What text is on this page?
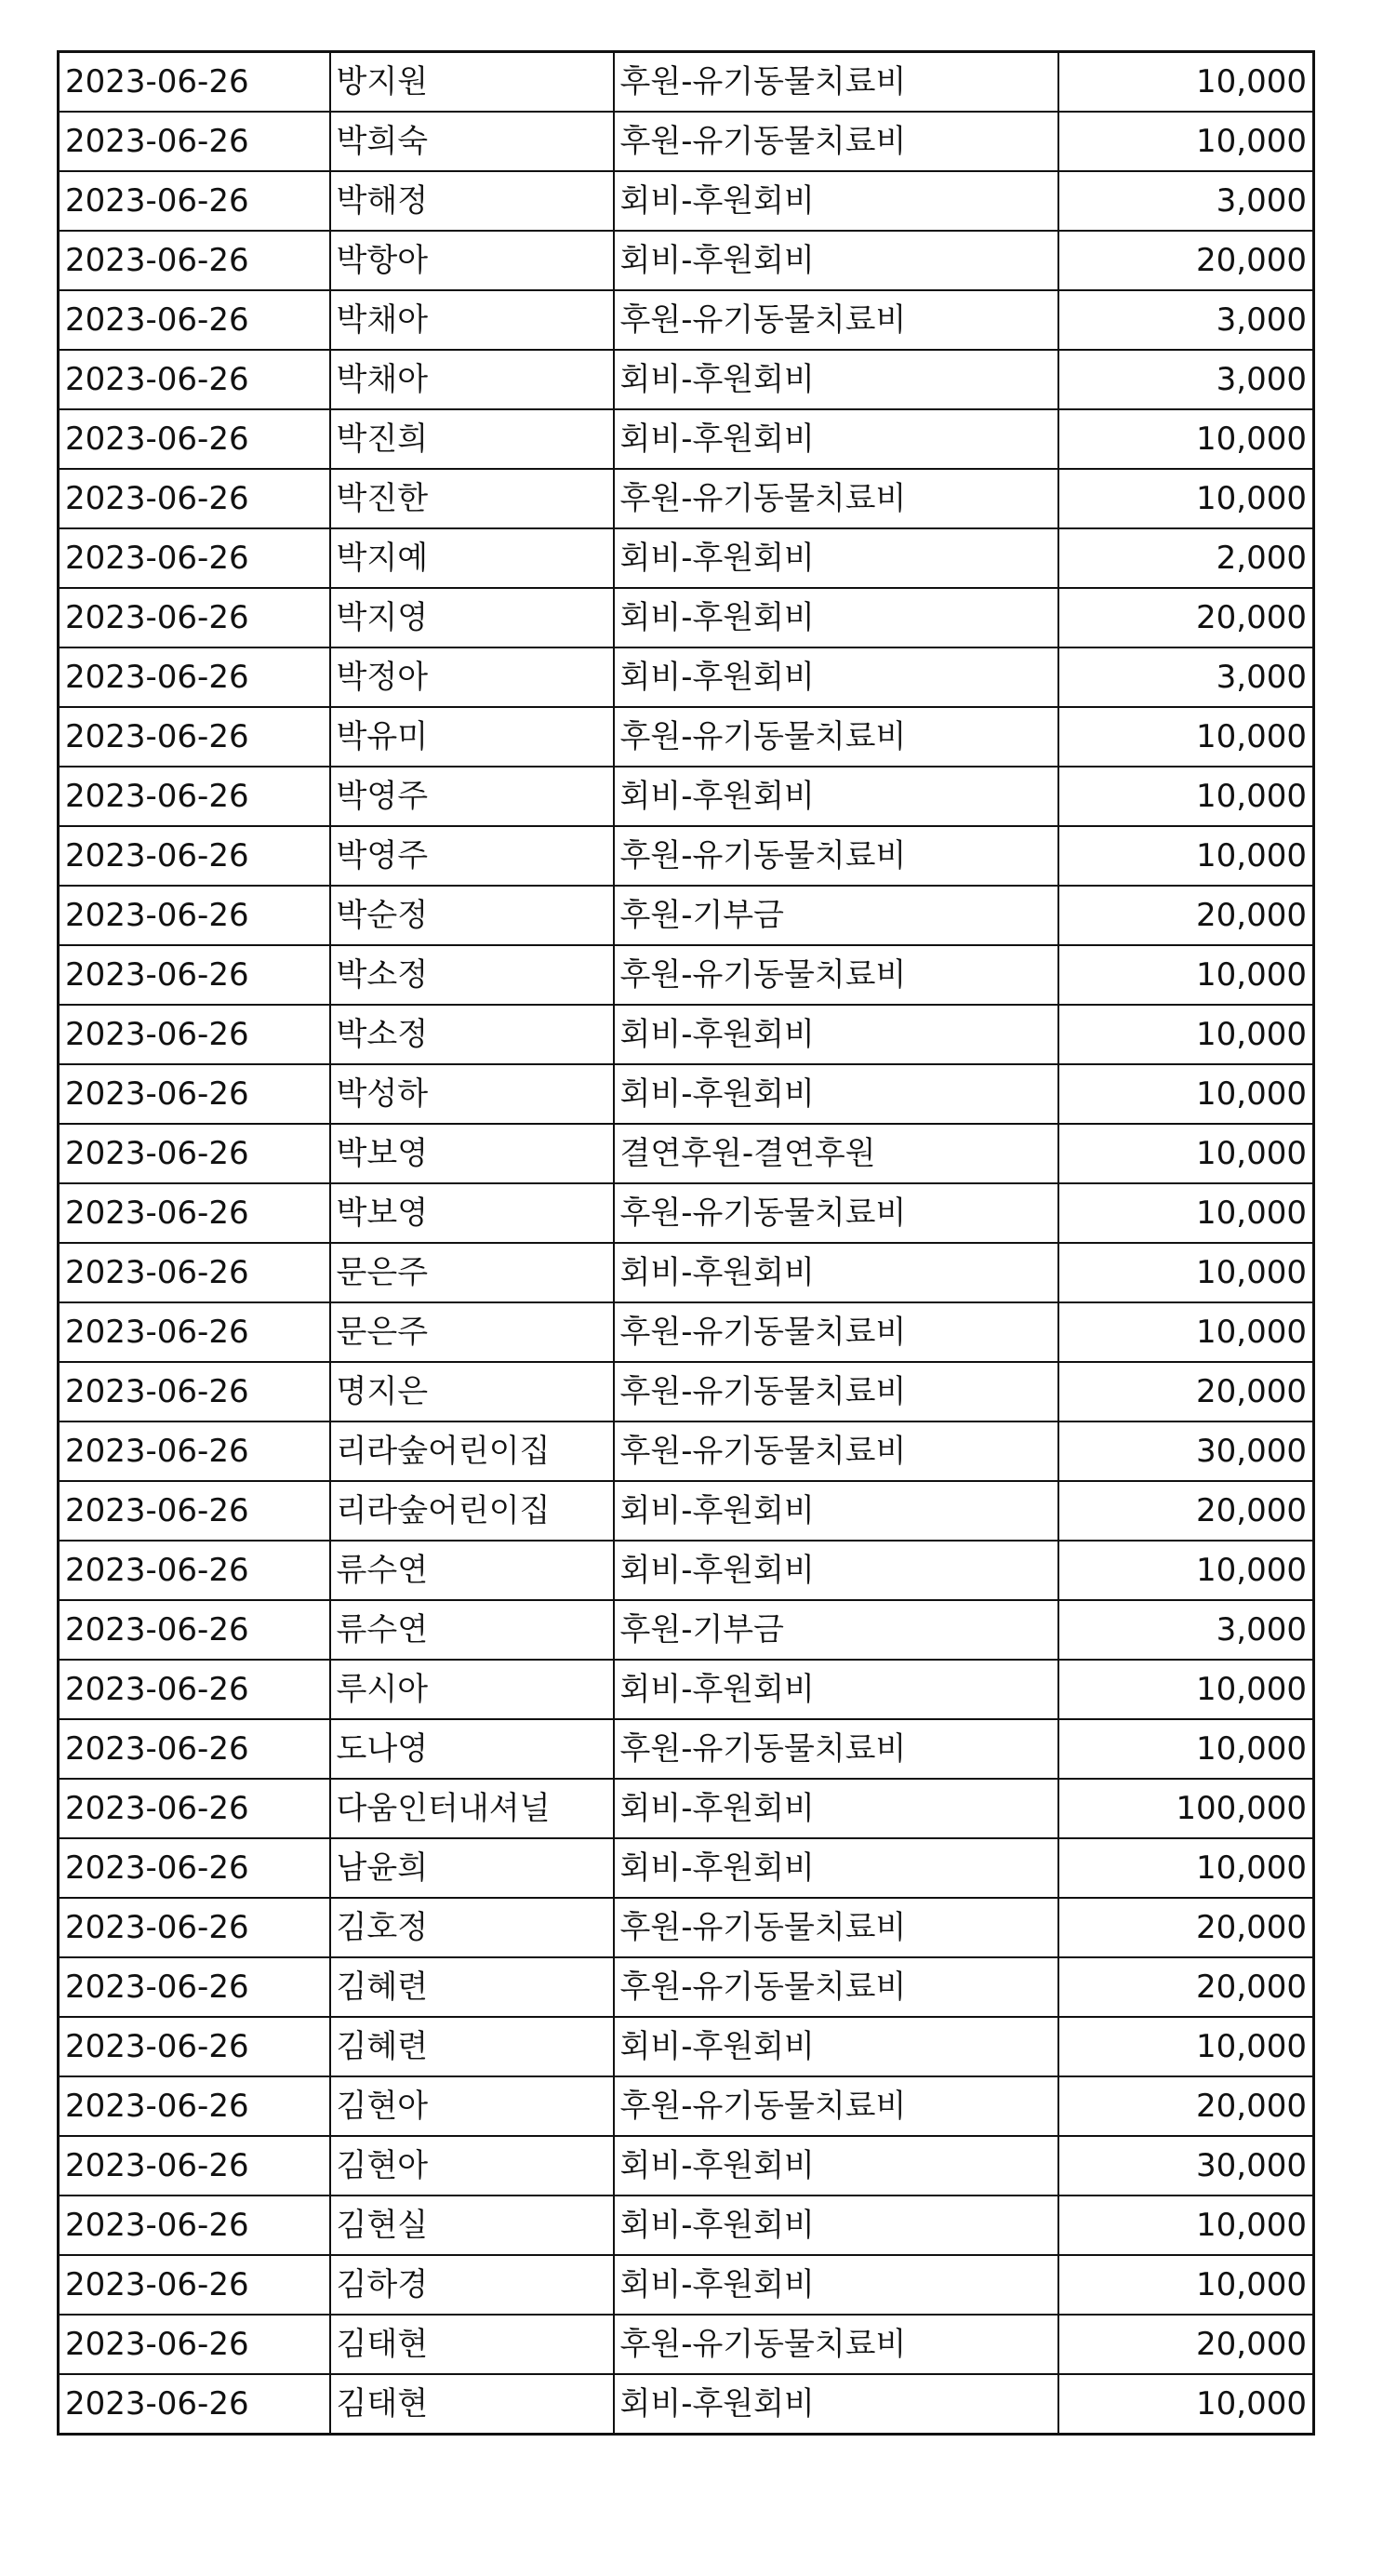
2023-06-26	방지원	후원-유기동물치료비	10,000
2023-06-26	박희숙	후원-유기동물치료비	10,000
2023-06-26	박해정	회비-후원회비	3,000
2023-06-26	박항아	회비-후원회비	20,000
2023-06-26	박채아	후원-유기동물치료비	3,000
2023-06-26	박채아	회비-후원회비	3,000
2023-06-26	박진희	회비-후원회비	10,000
2023-06-26	박진한	후원-유기동물치료비	10,000
2023-06-26	박지예	회비-후원회비	2,000
2023-06-26	박지영	회비-후원회비	20,000
2023-06-26	박정아	회비-후원회비	3,000
2023-06-26	박유미	후원-유기동물치료비	10,000
2023-06-26	박영주	회비-후원회비	10,000
2023-06-26	박영주	후원-유기동물치료비	10,000
2023-06-26	박순정	후원-기부금	20,000
2023-06-26	박소정	후원-유기동물치료비	10,000
2023-06-26	박소정	회비-후원회비	10,000
2023-06-26	박성하	회비-후원회비	10,000
2023-06-26	박보영	결연후원-결연후원	10,000
2023-06-26	박보영	후원-유기동물치료비	10,000
2023-06-26	문은주	회비-후원회비	10,000
2023-06-26	문은주	후원-유기동물치료비	10,000
2023-06-26	명지은	후원-유기동물치료비	20,000
2023-06-26	리라숲어린이집	후원-유기동물치료비	30,000
2023-06-26	리라숲어린이집	회비-후원회비	20,000
2023-06-26	류수연	회비-후원회비	10,000
2023-06-26	류수연	후원-기부금	3,000
2023-06-26	루시아	회비-후원회비	10,000
2023-06-26	도나영	후원-유기동물치료비	10,000
2023-06-26	다움인터내셔널	회비-후원회비	100,000
2023-06-26	남윤희	회비-후원회비	10,000
2023-06-26	김호정	후원-유기동물치료비	20,000
2023-06-26	김혜련	후원-유기동물치료비	20,000
2023-06-26	김혜련	회비-후원회비	10,000
2023-06-26	김현아	후원-유기동물치료비	20,000
2023-06-26	김현아	회비-후원회비	30,000
2023-06-26	김현실	회비-후원회비	10,000
2023-06-26	김하경	회비-후원회비	10,000
2023-06-26	김태현	후원-유기동물치료비	20,000
2023-06-26	김태현	회비-후원회비	10,000
